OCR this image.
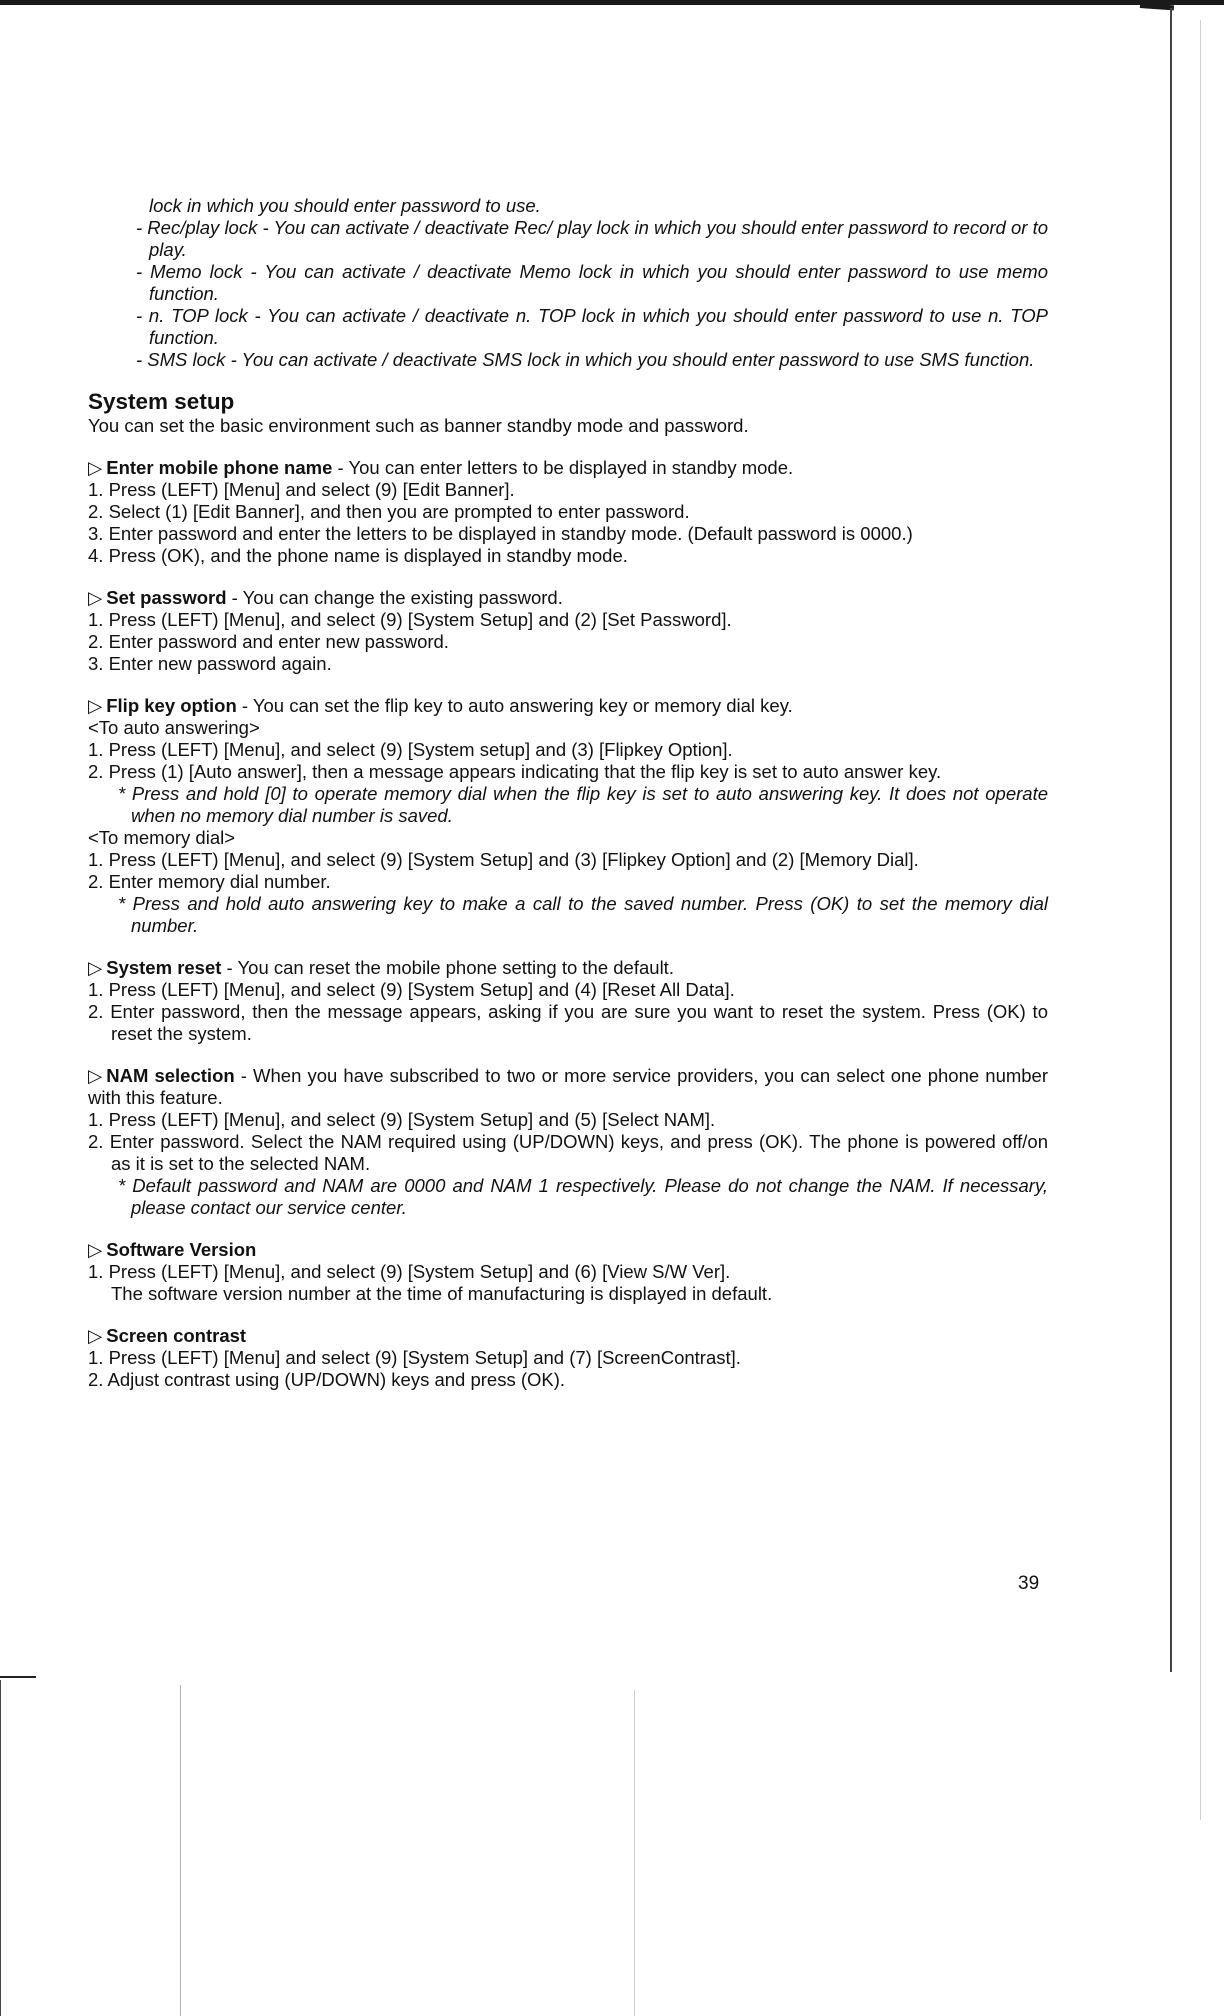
lock in which you should enter password to use.

- Rec/play lock - You can activate / deactivate Rec/ play lock in which you should enter password to record or to play.

- Memo lock - You can activate / deactivate Memo lock in which you should enter password to use memo function.

- n. TOP lock - You can activate / deactivate n. TOP lock in which you should enter password to use n. TOP function.

- SMS lock - You can activate / deactivate SMS lock in which you should enter password to use SMS function.

System setup

You can set the basic environment such as banner standby mode and password.

▷ Enter mobile phone name - You can enter letters to be displayed in standby mode.

1. Press (LEFT) [Menu] and select (9) [Edit Banner].

2. Select (1) [Edit Banner], and then you are prompted to enter password.

3. Enter password and enter the letters to be displayed in standby mode. (Default password is 0000.)

4. Press (OK), and the phone name is displayed in standby mode.

▷ Set password - You can change the existing password.

1. Press (LEFT) [Menu], and select (9) [System Setup] and (2) [Set Password].

2. Enter password and enter new password.

3. Enter new password again.

▷ Flip key option - You can set the flip key to auto answering key or memory dial key.

<To auto answering>

1. Press (LEFT) [Menu], and select (9) [System setup] and (3) [Flipkey Option].

2. Press (1) [Auto answer], then a message appears indicating that the flip key is set to auto answer key.

* Press and hold [0] to operate memory dial when the flip key is set to auto answering key. It does not operate when no memory dial number is saved.

<To memory dial>

1. Press (LEFT) [Menu], and select (9) [System Setup] and (3) [Flipkey Option] and (2) [Memory Dial].

2. Enter memory dial number.

* Press and hold auto answering key to make a call to the saved number. Press (OK) to set the memory dial number.

▷ System reset - You can reset the mobile phone setting to the default.

1. Press (LEFT) [Menu], and select (9) [System Setup] and (4) [Reset All Data].

2. Enter password, then the message appears, asking if you are sure you want to reset the system. Press (OK) to reset the system.

▷ NAM selection - When you have subscribed to two or more service providers, you can select one phone number with this feature.

1. Press (LEFT) [Menu], and select (9) [System Setup] and (5) [Select NAM].

2. Enter password. Select the NAM required using (UP/DOWN) keys, and press (OK). The phone is powered off/on as it is set to the selected NAM.

* Default password and NAM are 0000 and NAM 1 respectively. Please do not change the NAM. If necessary, please contact our service center.

▷ Software Version

1. Press (LEFT) [Menu], and select (9) [System Setup] and (6) [View S/W Ver].

The software version number at the time of manufacturing is displayed in default.

▷ Screen contrast

1. Press (LEFT) [Menu] and select (9) [System Setup] and (7) [ScreenContrast].

2. Adjust contrast using (UP/DOWN) keys and press (OK).

39
